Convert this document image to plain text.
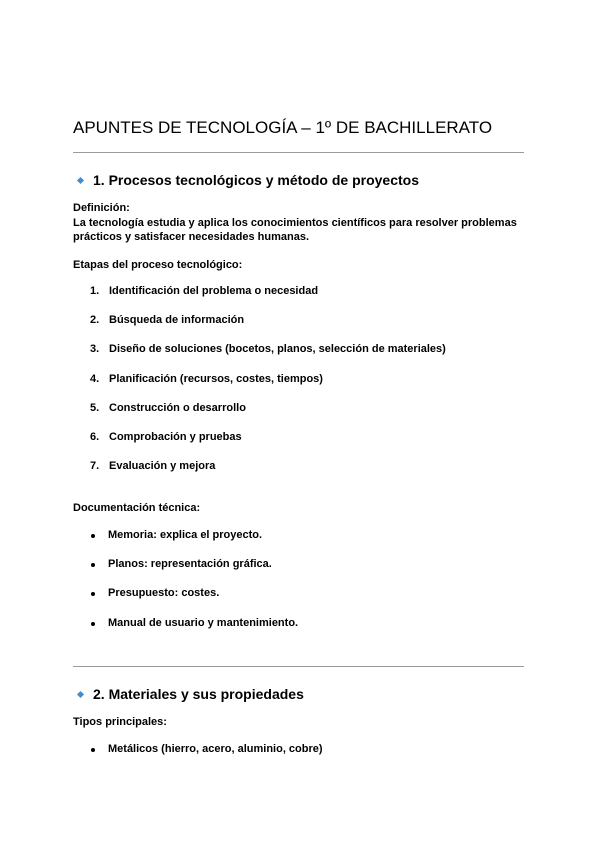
APUNTES DE TECNOLOGÍA – 1º DE BACHILLERATO
1. Procesos tecnológicos y método de proyectos

Definición:

La tecnología estudia y aplica los conocimientos científicos para resolver problemas prácticos y satisfacer necesidades humanas.

Etapas del proceso tecnológico:

1. Identificación del problema o necesidad
2. Búsqueda de información
3. Diseño de soluciones (bocetos, planos, selección de materiales)
4. Planificación (recursos, costes, tiempos)
5. Construcción o desarrollo
6. Comprobación y pruebas
7. Evaluación y mejora

Documentación técnica:

Memoria: explica el proyecto.
Planos: representación gráfica.
Presupuesto: costes.
Manual de usuario y mantenimiento.
2. Materiales y sus propiedades

Tipos principales:

Metálicos (hierro, acero, aluminio, cobre)
